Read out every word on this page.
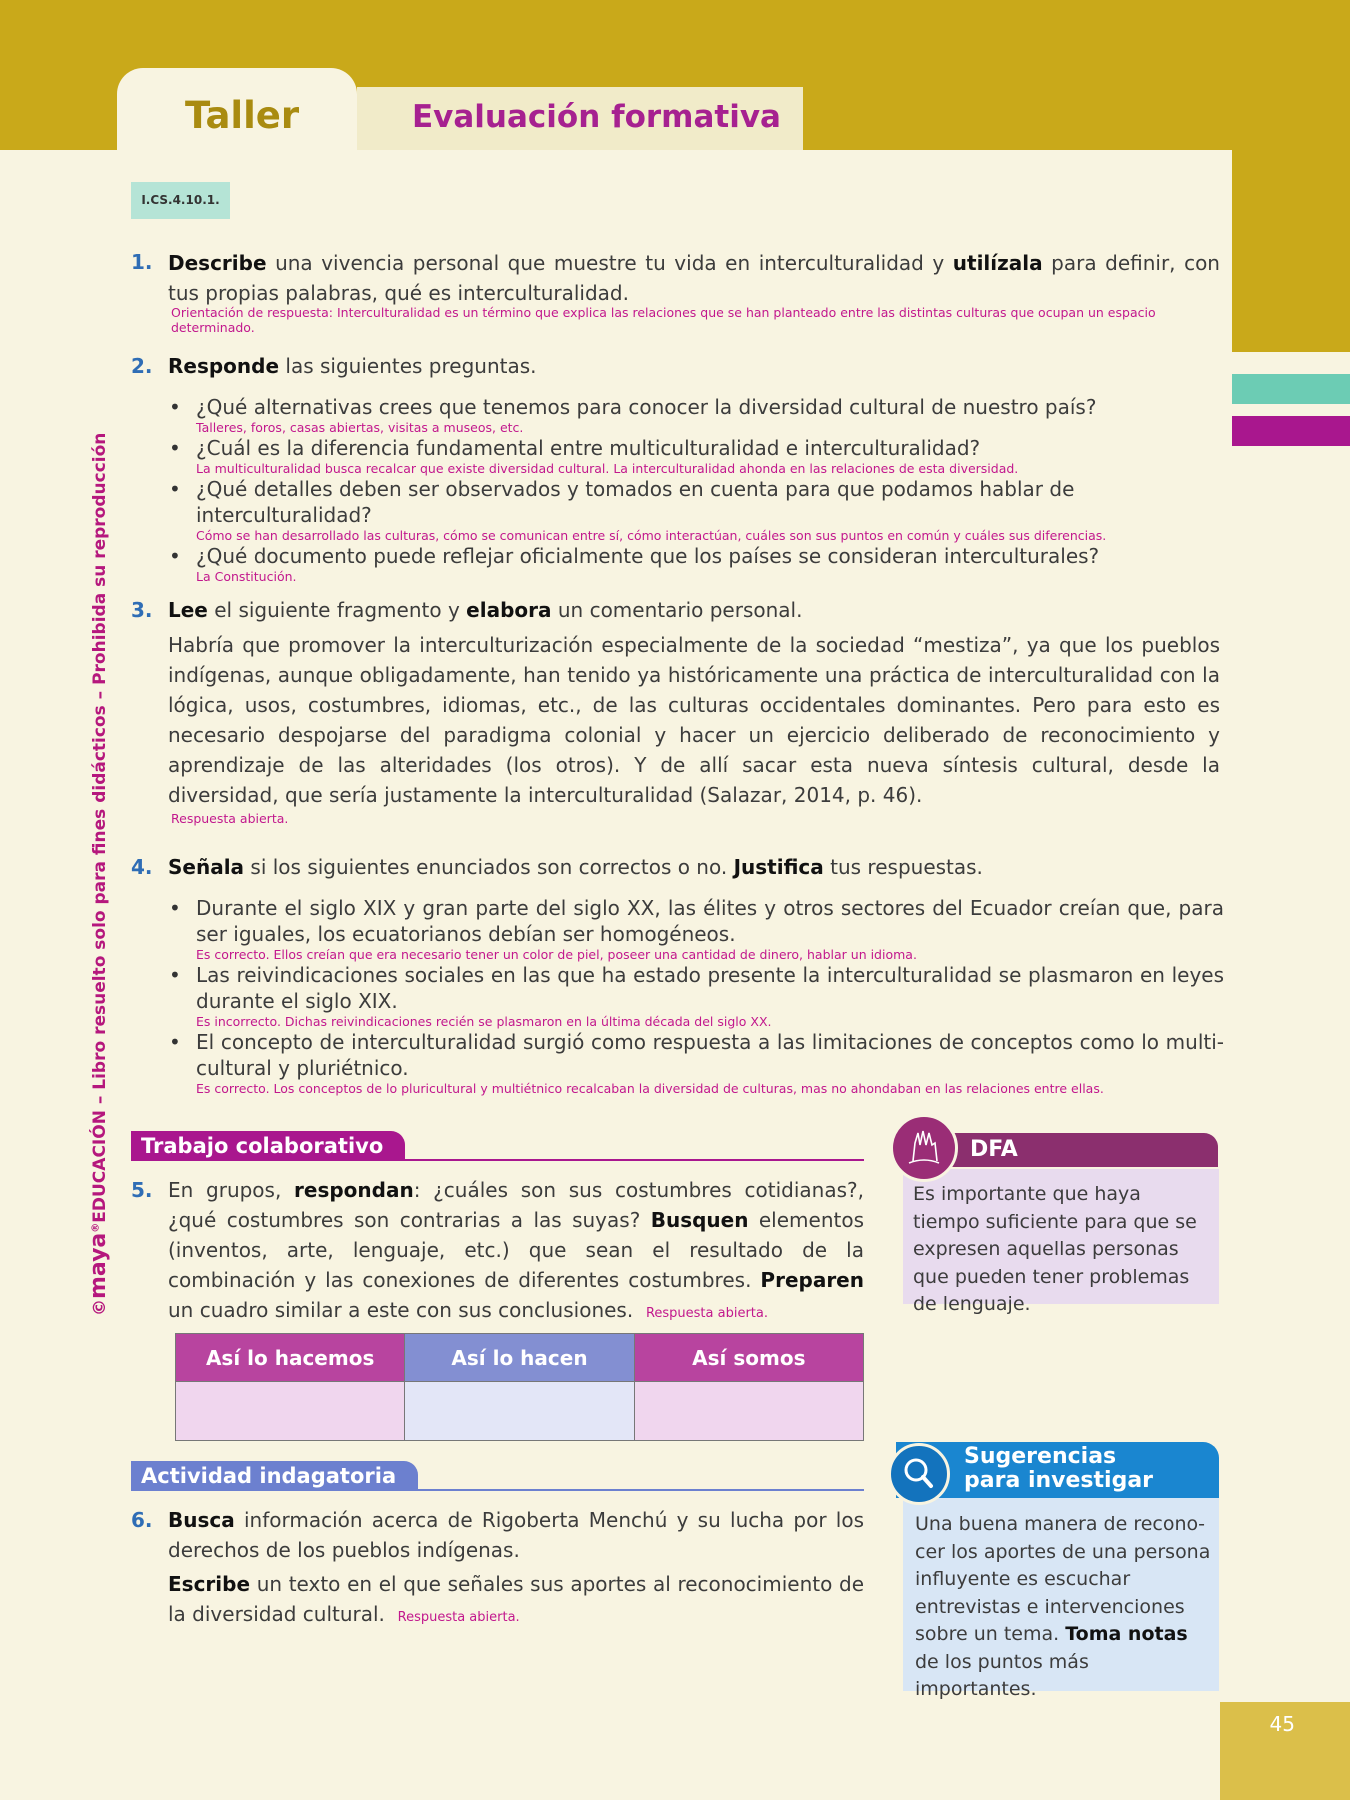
Taller	Evaluación formativa
I.CS.4.10.1.
©maya®EDUCACIÓN – Libro resuelto solo para fines didácticos – Prohibida su reproducción
1. Describe una vivencia personal que muestre tu vida en interculturalidad y utilízala para definir, con tus propias palabras, qué es interculturalidad.
Orientación de respuesta: Interculturalidad es un término que explica las relaciones que se han planteado entre las distintas culturas que ocupan un espacio determinado.
2. Responde las siguientes preguntas.
• ¿Qué alternativas crees que tenemos para conocer la diversidad cultural de nuestro país?
Talleres, foros, casas abiertas, visitas a museos, etc.
• ¿Cuál es la diferencia fundamental entre multiculturalidad e interculturalidad?
La multiculturalidad busca recalcar que existe diversidad cultural. La interculturalidad ahonda en las relaciones de esta diversidad.
• ¿Qué detalles deben ser observados y tomados en cuenta para que podamos hablar de interculturalidad?
Cómo se han desarrollado las culturas, cómo se comunican entre sí, cómo interactúan, cuáles son sus puntos en común y cuáles sus diferencias.
• ¿Qué documento puede reflejar oficialmente que los países se consideran interculturales?
La Constitución.
3. Lee el siguiente fragmento y elabora un comentario personal.
Habría que promover la interculturización especialmente de la sociedad “mestiza”, ya que los pueblos indígenas, aunque obligadamente, han tenido ya históricamente una práctica de interculturalidad con la lógica, usos, costumbres, idiomas, etc., de las culturas occidentales dominantes. Pero para esto es necesario despojarse del paradigma colonial y hacer un ejercicio deliberado de reconocimiento y aprendizaje de las alteridades (los otros). Y de allí sacar esta nueva síntesis cultural, desde la diversidad, que sería justamente la interculturalidad (Salazar, 2014, p. 46).
Respuesta abierta.
4. Señala si los siguientes enunciados son correctos o no. Justifica tus respuestas.
• Durante el siglo XIX y gran parte del siglo XX, las élites y otros sectores del Ecuador creían que, para ser iguales, los ecuatorianos debían ser homogéneos.
Es correcto. Ellos creían que era necesario tener un color de piel, poseer una cantidad de dinero, hablar un idioma.
• Las reivindicaciones sociales en las que ha estado presente la interculturalidad se plasmaron en leyes durante el siglo XIX.
Es incorrecto. Dichas reivindicaciones recién se plasmaron en la última década del siglo XX.
• El concepto de interculturalidad surgió como respuesta a las limitaciones de conceptos como lo multicultural y pluriétnico.
Es correcto. Los conceptos de lo pluricultural y multiétnico recalcaban la diversidad de culturas, mas no ahondaban en las relaciones entre ellas.
Trabajo colaborativo
5. En grupos, respondan: ¿cuáles son sus costumbres cotidianas?, ¿qué costumbres son contrarias a las suyas? Busquen elementos (inventos, arte, lenguaje, etc.) que sean el resultado de la combinación y las conexiones de diferentes costumbres. Preparen un cuadro similar a este con sus conclusiones. Respuesta abierta.
Así lo hacemos	Así lo hacen	Así somos

DFA
Es importante que haya tiempo suficiente para que se expresen aquellas personas que pueden tener problemas de lenguaje.
Actividad indagatoria
6. Busca información acerca de Rigoberta Menchú y su lucha por los derechos de los pueblos indígenas.
Escribe un texto en el que señales sus aportes al reconocimiento de la diversidad cultural. Respuesta abierta.
Sugerencias
para investigar
Una buena manera de reconocer los aportes de una persona influyente es escuchar entrevistas e intervenciones sobre un tema. Toma notas de los puntos más importantes.
45
